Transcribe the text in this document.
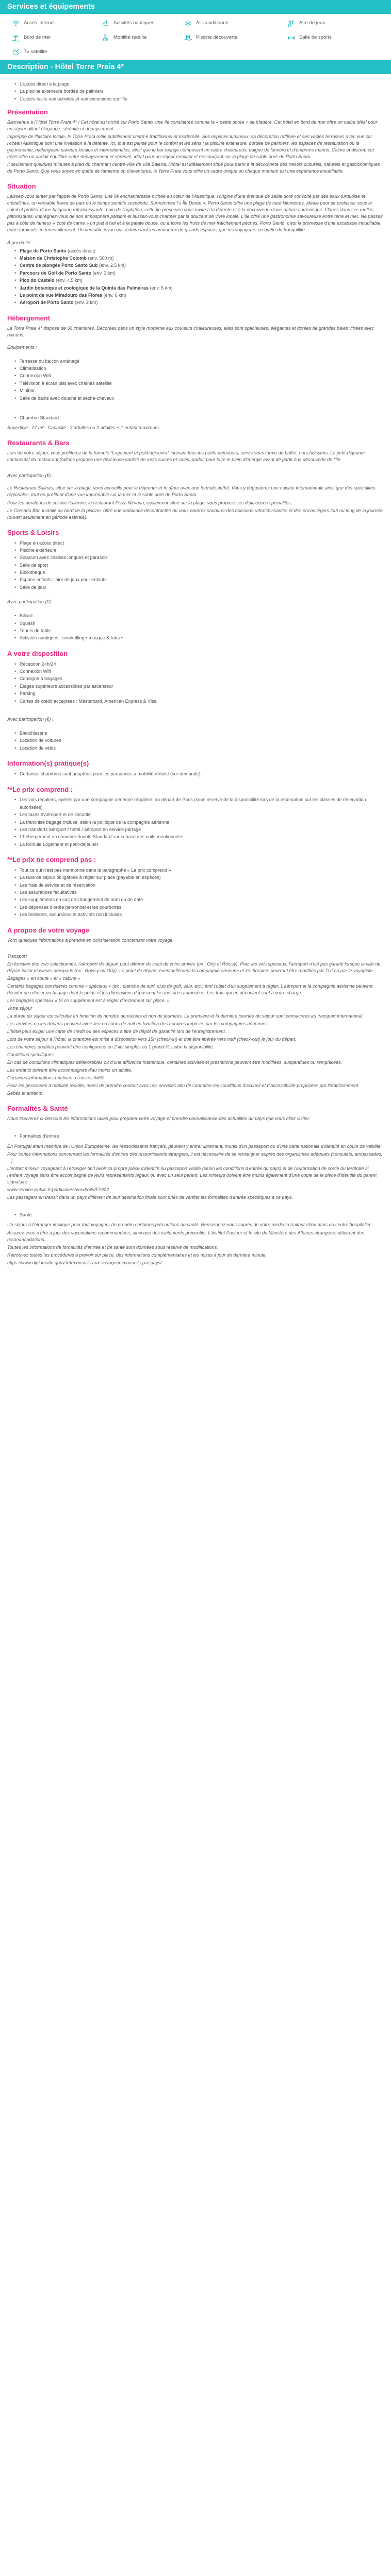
Services et équipements
Accès internet	Activités nautiques	Air conditionné	Aire de jeux
Bord de mer	Mobilité réduite	Piscine découverte	Salle de sports
Tv satellite
Description - Hôtel Torre Praia 4*
• L'accès direct à la plage
• La piscine extérieure bordée de palmiers
• L'accès facile aux activités et aux excursions sur l'île
Présentation

Bienvenue à l'Hôtel Torre Praia 4* ! Cet hôtel est niché sur Porto Santo, une île considérée comme la « petite dorée » de Madère. Cet hôtel en bord de mer offre un cadre idéal pour un séjour alliant élégance, sérénité et dépaysement.

Imprégné de l'histoire locale, le Torre Praia mêle subtilement charme traditionnel et modernité. Ses espaces lumineux, sa décoration raffinée et ses vastes terrasses avec vue sur l'océan Atlantique sont une invitation à la détente. Ici, tout est pensé pour le confort et les sens : la piscine extérieure, bordée de palmiers, les espaces de restauration où la gastronomie, mélangeant saveurs locales et internationales, ainsi que le bar-lounge composent un cadre chaleureux, baigné de lumière et d'embruns marins. Calme et discret, cet hôtel offre un parfait équilibre entre dépaysement et sérénité, idéal pour un séjour relaxant et ressourçant sur la plage de sable doré de Porto Santo.

Il seulement quelques minutes à pied du charmant centre-ville de Vila Baleira, l'hôtel est idéalement situé pour partir à la découverte des trésors culturels, naturels et gastronomiques de Porto Santo. Que vous soyez en quête de farniente ou d'aventures, le Torre Praia vous offre un cadre unique où chaque moment est une expérience inoubliable.

Situation

Laissez-vous tenter par l'appel de Porto Santo, une île enchanteresse nichée au cœur de l'Atlantique, l'origine d'une étendue de sable doré convoité par des eaux turquoise et cristallines, un véritable havre de paix où le temps semble suspendu. Surnommée l'« Île Dorée », Porto Santo offre une plage de neuf kilomètres, idéale pour se prélasser sous le soleil et profiter d'une baignade rafraîchissante. Loin de l'agitation, cette île préservée vous invite à la détente et à la découverte d'une nature authentique. Flânez dans ses ruelles pittoresques, imprégnez-vous de son atmosphère paisible et laissez-vous charmer par la douceur de vivre locale. L'île offre une gastronomie savoureuse entre terre et mer. Ne passez pas à côté de fameux « coté de carne » un plat à l'ail et à la patate douce, ou encore les fruits de mer fraîchement pêchés. Porto Santo, c'est la promesse d'une escapade inoubliable, entre farniente et émerveillement. Un véritable joyau qui séduira tant les amoureux de grands espaces que les voyageurs en quête de tranquillité.

À proximité :

• Plage de Porto Santo (accès direct)
• Maison de Christophe Colomb (env. 500 m)
• Centre de plongée Porto Santo Sub (env. 2,5 km)
• Parcours de Golf de Porto Santo (env. 3 km)
• Pico do Castelo (env. 4,5 km)
• Jardin botanique et zoologique de la Quinta das Palmeiras (env. 5 km)
• Le point de vue Miradouro das Flores (env. 6 km)
• Aéroport de Porto Santo (env. 2 km)
Hébergement

Le Torre Praia 4* dispose de 66 chambres. Décorées dans un style moderne aux couleurs chaleureuses, elles sont spacieuses, élégantes et dotées de grandes baies vitrées avec balcons.

Équipements :

• Terrasse ou balcon aménagé
• Climatisation
• Connexion Wifi
• Télévision à écran plat avec chaînes satellite
• Minibar
• Salle de bains avec douche et sèche-cheveux
• Chambre Standard

Superficie : 27 m² - Capacité : 3 adultes ou 2 adultes + 1 enfant maximum.

Restaurants & Bars

Lors de votre séjour, vous profiterez de la formule "Logement et petit-déjeuner" incluant tous les petits-déjeuners, servis sous forme de buffet, hors boissons. Le petit-déjeuner continental du restaurant Salinas propose une délicieuse variété de mets sucrés et salés, parfait pour faire le plein d'énergie avant de partir à la découverte de l'île.

Avec participation (€) :

Le Restaurant Salinas, situé sur la plage, vous accueille pour le déjeuner et le dîner avec une formule buffet. Vous y dégusterez une cuisine internationale ainsi que des spécialités régionales, tout en profitant d'une vue imprenable sur la mer et le sable doré de Porto Santo.

Pour les amateurs de cuisine italienne, le restaurant Pizza Nirvana, également situé sur la plage, vous propose ses délicieuses spécialités.

Le Corsario Bar, installé au bord de la piscine, offre une ambiance décontractée où vous pourrez savourer des boissons rafraîchissantes et des encas légers tout au long de la journée (ouvert seulement en période estivale).

Sports & Loisirs
• Plage en accès direct
• Piscine extérieure
• Solarium avec chaises longues et parasols
• Salle de sport
• Bibliothèque
• Espace enfants : aire de jeux pour enfants
• Salle de jeux

Avec participation (€) :

• Billard
• Squash
• Tennis de table
• Activités nautiques : snorkelling • masque & tuba •
A votre disposition
• Réception 24h/24
• Connexion Wifi
• Consigne à bagages
• Étages supérieurs accessibles par ascenseur
• Parking
• Cartes de crédit acceptées : Mastercard, American Express & Visa

Avec participation (€) :

• Blanchisserie
• Location de voitures
• Location de vélos
Information(s) pratique(s)
• Certaines chambres sont adaptées pour les personnes à mobilité réduite (sur demande).
**Le prix comprend :
• Les vols réguliers, opérés par une compagnie aérienne régulière, au départ de Paris (sous réserve de la disponibilité lors de la réservation sur les classes de réservation autorisées)
• Les taxes d'aéroport et de sécurité
• La franchise bagage incluse, selon la politique de la compagnie aérienne
• Les transferts aéroport / hôtel / aéroport en service partagé
• L'hébergement en chambre double Standard sur la base des nuits mentionnées
• La formule Logement et petit-déjeuner
**Le prix ne comprend pas :
• Tout ce qui n'est pas mentionné dans le paragraphe « Le prix comprend »
• La taxe de séjour obligatoire à régler sur place (payable en espèces)
• Les frais de service et de réservation
• Les assurances facultatives
• Les suppléments en cas de changement de nom ou de date
• Les dépenses d'ordre personnel et les pourboires
• Les boissons, excursions et activités non incluses
A propos de votre voyage

Voici quelques informations à prendre en considération concernant votre voyage.

Transport

En fonction des vols sélectionnés, l'aéroport de départ peut différer de celui de votre arrivée (ex : Orly et Roissy). Pour les vols spéciaux, l'aéroport n'est pas garanti lorsque la ville de départ inclut plusieurs aéroports (ex : Roissy ou Orly). Le point de départ, éventuellement la compagnie aérienne et les horaires pourront être modifiés par TUI ou par le voyagiste.

Bagages « en soute » et « cabine »

Certains bagages considérés comme « spéciaux » (ex : planche de surf, club de golf, vélo, etc.) font l'objet d'un supplément à régler. L'aéroport et la compagnie aérienne peuvent décider de refuser un bagage dont le poids et les dimensions dépassent les mesures autorisées. Les frais qui en découlent sont à votre charge.

Les bagages spéciaux « Si ce supplément est à régler directement sur place. »

Votre séjour

La durée du séjour est calculée en fonction du nombre de nuitées et non de journées. La première et la dernière journée du séjour sont consacrées au transport international.

Les arrivées ou les départs peuvent avoir lieu en cours de nuit en fonction des horaires imposés par les compagnies aériennes.

L'hôtel peut exiger une carte de crédit ou des espèces à titre de dépôt de garantie lors de l'enregistrement.

Lors de votre séjour à l'hôtel, la chambre est mise à disposition vers 15h (check-in) et doit être libérée vers midi (check-out) le jour du départ.

Les chambres doubles peuvent être configurées en 2 lits simples ou 1 grand lit, selon la disponibilité.

Conditions spécifiques

En cas de conditions climatiques défavorables ou d'une affluence inattendue, certaines activités et prestations peuvent être modifiées, suspendues ou remplacées.

Les enfants doivent être accompagnés d'au moins un adulte.

Certaines informations relatives à l'accessibilité

Pour les personnes à mobilité réduite, merci de prendre contact avec nos services afin de connaître les conditions d'accueil et d'accessibilité proposées par l'établissement.

Bébés et enfants

Formalités & Santé

Nous trouverez ci-dessous les informations utiles pour préparer votre voyage et prendre connaissance des actualités du pays que vous allez visiter.

• Formalités d'entrée

En Portugal étant membre de l'Union Européenne, les ressortissants français, peuvent y entrer librement, munis d'un passeport ou d'une carte nationale d'identité en cours de validité.

Pour toutes informations concernant les formalités d'entrée des ressortissants étrangers, il est nécessaire de se renseigner auprès des organismes adéquats (consulats, ambassades, ...).

L'enfant mineur voyageant à l'étranger doit avoir sa propre pièce d'identité ou passeport valide (selon les conditions d'entrée du pays) et de l'autorisation de sortie du territoire si l'enfant voyage sans être accompagné de leurs représentants légaux ou avec un seul parent. Les mineurs doivent être munis également d'une copie de la pièce d'identité du parent signataire.

www.service-public.fr/particuliers/vosdroits/F1922

Les passagers en transit dans un pays différent de leur destination finale sont priés de vérifier les formalités d'entrée spécifiques à ce pays.

• Santé

Un séjour à l'étranger implique pour tout voyageur de prendre certaines précautions de santé. Renseignez-vous auprès de votre médecin traitant et/ou dans un centre hospitalier.

Assurez-vous d'être à jour des vaccinations recommandées, ainsi que des traitements préventifs. L'institut Pasteur et le site du Ministère des Affaires étrangères délivrent des recommandations.

Toutes les informations de formalités d'entrée et de santé sont données sous réserve de modifications.

Retrouvez toutes les procédures à prévoir sur place, des informations complémentaires et les mises à jour de dernière minute.

https://www.diplomatie.gouv.fr/fr/conseils-aux-voyageurs/conseils-par-pays/
